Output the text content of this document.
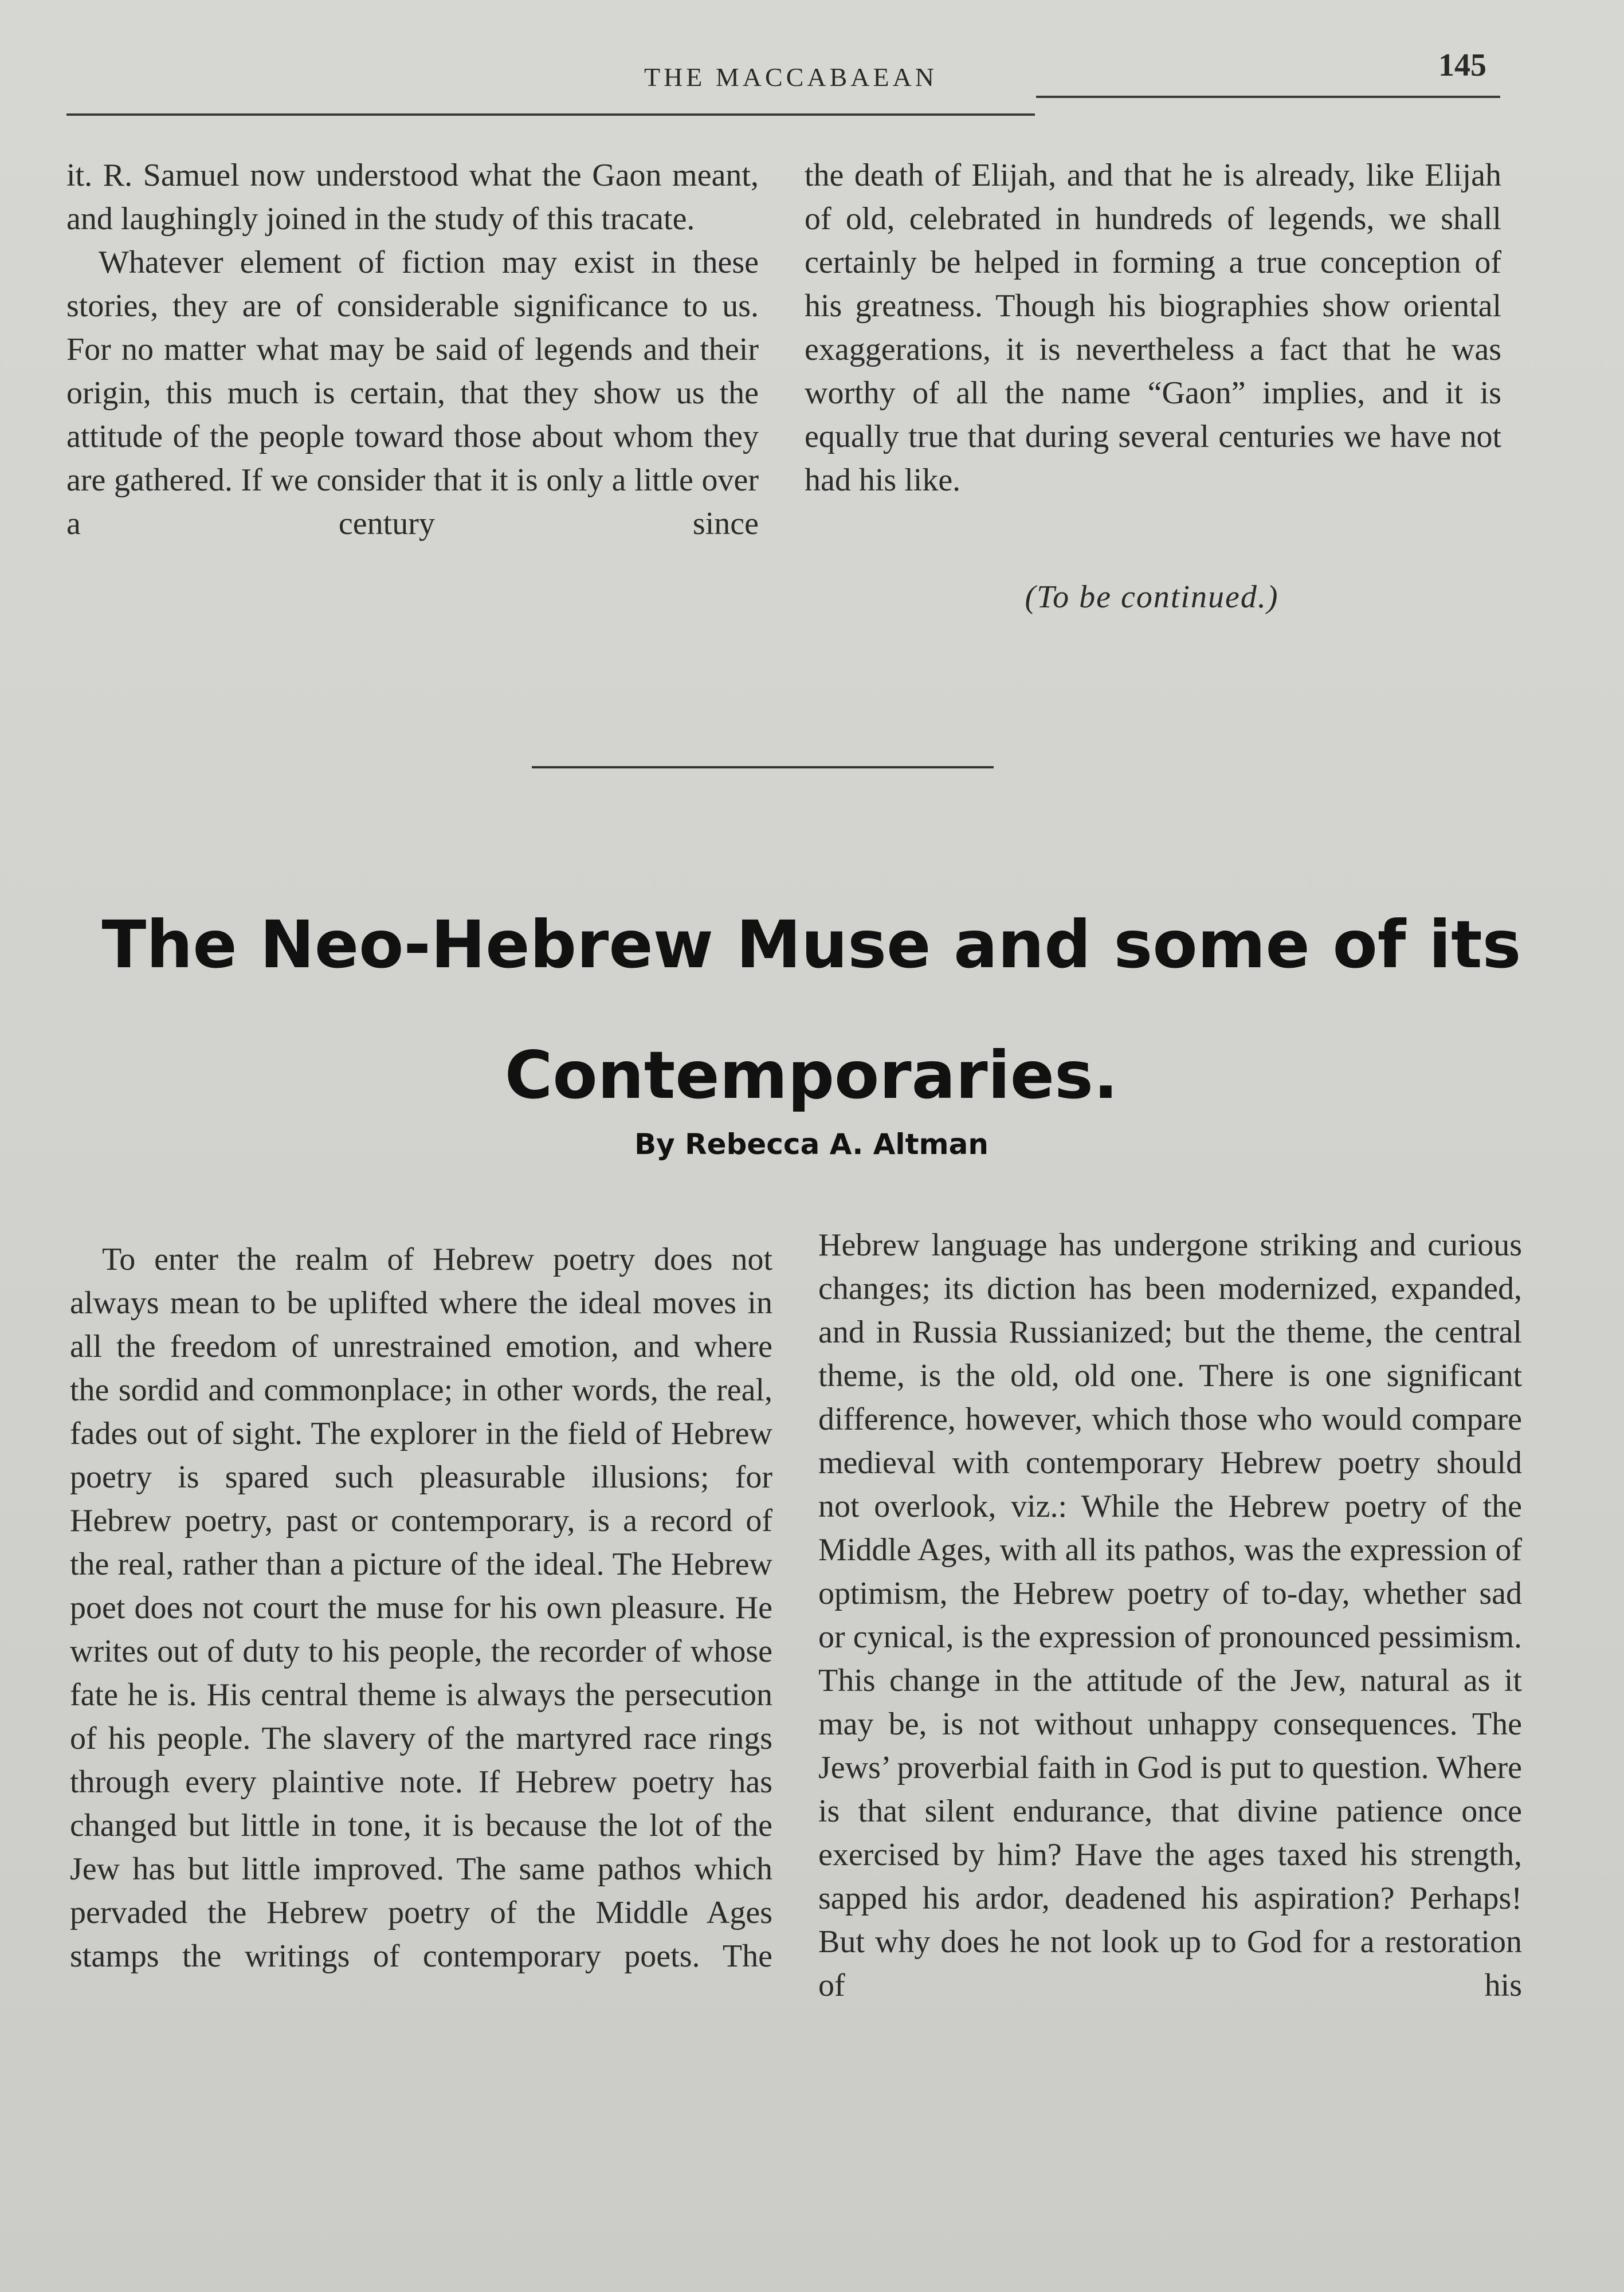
THE MACCABAEAN	145

it. R. Samuel now understood what the Gaon meant, and laughingly joined in the study of this tracate.

Whatever element of fiction may exist in these stories, they are of considerable significance to us. For no matter what may be said of legends and their origin, this much is certain, that they show us the attitude of the people toward those about whom they are gathered. If we consider that it is only a little over a century since

the death of Elijah, and that he is already, like Elijah of old, celebrated in hundreds of legends, we shall certainly be helped in forming a true conception of his greatness. Though his biographies show oriental exaggerations, it is nevertheless a fact that he was worthy of all the name “Gaon” implies, and it is equally true that during several centuries we have not had his like.

(To be continued.)
The Neo-Hebrew Muse and some of its
Contemporaries.
By Rebecca A. Altman

To enter the realm of Hebrew poetry does not always mean to be uplifted where the ideal moves in all the freedom of unrestrained emotion, and where the sordid and commonplace; in other words, the real, fades out of sight. The explorer in the field of Hebrew poetry is spared such pleasurable illusions; for Hebrew poetry, past or contemporary, is a record of the real, rather than a picture of the ideal. The Hebrew poet does not court the muse for his own pleasure. He writes out of duty to his people, the recorder of whose fate he is. His central theme is always the persecution of his people. The slavery of the martyred race rings through every plaintive note. If Hebrew poetry has changed but little in tone, it is because the lot of the Jew has but little improved. The same pathos which pervaded the Hebrew poetry of the Middle Ages stamps the writings of contemporary poets. The

Hebrew language has undergone striking and curious changes; its diction has been modernized, expanded, and in Russia Russianized; but the theme, the central theme, is the old, old one. There is one significant difference, however, which those who would compare medieval with contemporary Hebrew poetry should not overlook, viz.: While the Hebrew poetry of the Middle Ages, with all its pathos, was the expression of optimism, the Hebrew poetry of to-day, whether sad or cynical, is the expression of pronounced pessimism. This change in the attitude of the Jew, natural as it may be, is not without unhappy consequences. The Jews’ proverbial faith in God is put to question. Where is that silent endurance, that divine patience once exercised by him? Have the ages taxed his strength, sapped his ardor, deadened his aspiration? Perhaps! But why does he not look up to God for a restoration of his
